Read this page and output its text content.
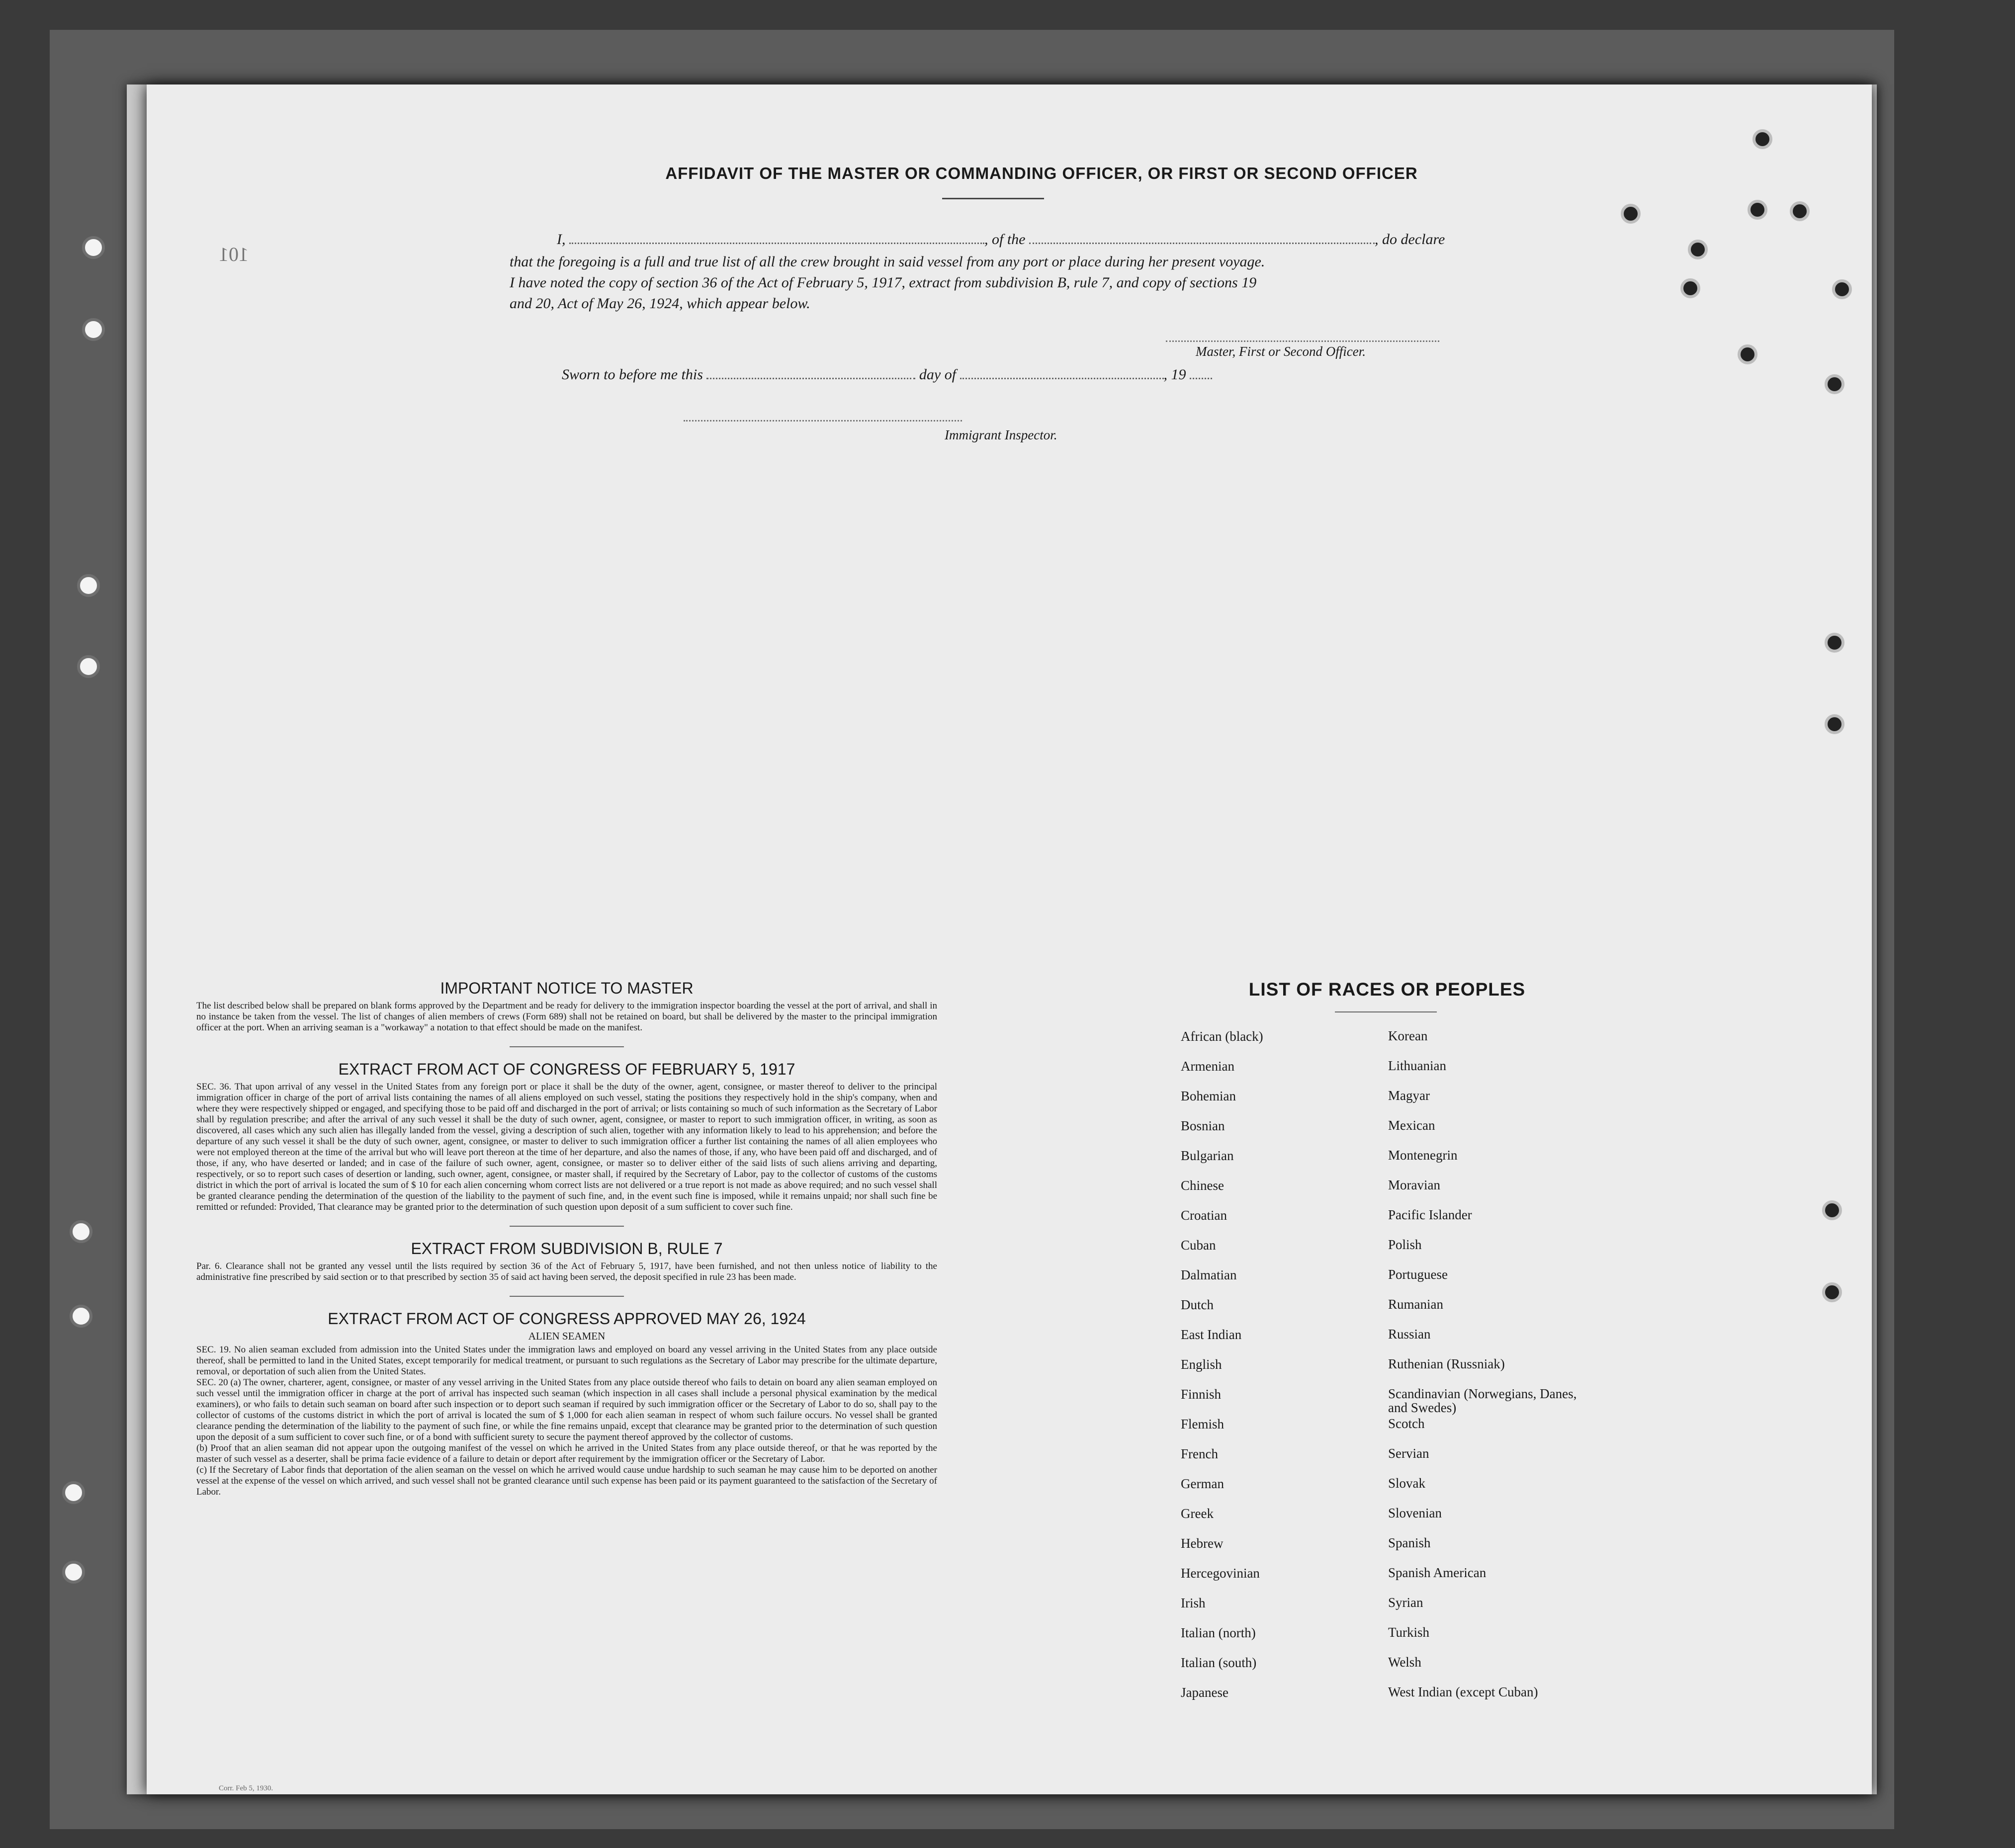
101
AFFIDAVIT OF THE MASTER OR COMMANDING OFFICER, OR FIRST OR SECOND OFFICER
I,	, of the	, do declare
that the foregoing is a full and true list of all the crew brought in said vessel from any port or place during her present voyage.
I have noted the copy of section 36 of the Act of February 5, 1917, extract from subdivision B, rule 7, and copy of sections 19
and 20, Act of May 26, 1924, which appear below.
Master, First or Second Officer.
Sworn to before me this	day of	, 19
Immigrant Inspector.
IMPORTANT NOTICE TO MASTER
The list described below shall be prepared on blank forms approved by the Department and be ready for delivery to the immigration inspector boarding the vessel at the port of arrival, and shall in no instance be taken from the vessel. The list of changes of alien members of crews (Form 689) shall not be retained on board, but shall be delivered by the master to the principal immigration officer at the port. When an arriving seaman is a "workaway" a notation to that effect should be made on the manifest.
EXTRACT FROM ACT OF CONGRESS OF FEBRUARY 5, 1917
SEC. 36. That upon arrival of any vessel in the United States from any foreign port or place it shall be the duty of the owner, agent, consignee, or master thereof to deliver to the principal immigration officer in charge of the port of arrival lists containing the names of all aliens employed on such vessel, stating the positions they respectively hold in the ship's company, when and where they were respectively shipped or engaged, and specifying those to be paid off and discharged in the port of arrival; or lists containing so much of such information as the Secretary of Labor shall by regulation prescribe; and after the arrival of any such vessel it shall be the duty of such owner, agent, consignee, or master to report to such immigration officer, in writing, as soon as discovered, all cases which any such alien has illegally landed from the vessel, giving a description of such alien, together with any information likely to lead to his apprehension; and before the departure of any such vessel it shall be the duty of such owner, agent, consignee, or master to deliver to such immigration officer a further list containing the names of all alien employees who were not employed thereon at the time of the arrival but who will leave port thereon at the time of her departure, and also the names of those, if any, who have been paid off and discharged, and of those, if any, who have deserted or landed; and in case of the failure of such owner, agent, consignee, or master so to deliver either of the said lists of such aliens arriving and departing, respectively, or so to report such cases of desertion or landing, such owner, agent, consignee, or master shall, if required by the Secretary of Labor, pay to the collector of customs of the customs district in which the port of arrival is located the sum of $ 10 for each alien concerning whom correct lists are not delivered or a true report is not made as above required; and no such vessel shall be granted clearance pending the determination of the question of the liability to the payment of such fine, and, in the event such fine is imposed, while it remains unpaid; nor shall such fine be remitted or refunded: Provided, That clearance may be granted prior to the determination of such question upon deposit of a sum sufficient to cover such fine.
EXTRACT FROM SUBDIVISION B, RULE 7
Par. 6. Clearance shall not be granted any vessel until the lists required by section 36 of the Act of February 5, 1917, have been furnished, and not then unless notice of liability to the administrative fine prescribed by said section or to that prescribed by section 35 of said act having been served, the deposit specified in rule 23 has been made.
EXTRACT FROM ACT OF CONGRESS APPROVED MAY 26, 1924
ALIEN SEAMEN
SEC. 19. No alien seaman excluded from admission into the United States under the immigration laws and employed on board any vessel arriving in the United States from any place outside thereof, shall be permitted to land in the United States, except temporarily for medical treatment, or pursuant to such regulations as the Secretary of Labor may prescribe for the ultimate departure, removal, or deportation of such alien from the United States.
SEC. 20 (a) The owner, charterer, agent, consignee, or master of any vessel arriving in the United States from any place outside thereof who fails to detain on board any alien seaman employed on such vessel until the immigration officer in charge at the port of arrival has inspected such seaman (which inspection in all cases shall include a personal physical examination by the medical examiners), or who fails to detain such seaman on board after such inspection or to deport such seaman if required by such immigration officer or the Secretary of Labor to do so, shall pay to the collector of customs of the customs district in which the port of arrival is located the sum of $ 1,000 for each alien seaman in respect of whom such failure occurs. No vessel shall be granted clearance pending the determination of the liability to the payment of such fine, or while the fine remains unpaid, except that clearance may be granted prior to the determination of such question upon the deposit of a sum sufficient to cover such fine, or of a bond with sufficient surety to secure the payment thereof approved by the collector of customs.
(b) Proof that an alien seaman did not appear upon the outgoing manifest of the vessel on which he arrived in the United States from any place outside thereof, or that he was reported by the master of such vessel as a deserter, shall be prima facie evidence of a failure to detain or deport after requirement by the immigration officer or the Secretary of Labor.
(c) If the Secretary of Labor finds that deportation of the alien seaman on the vessel on which he arrived would cause undue hardship to such seaman he may cause him to be deported on another vessel at the expense of the vessel on which arrived, and such vessel shall not be granted clearance until such expense has been paid or its payment guaranteed to the satisfaction of the Secretary of Labor.
LIST OF RACES OR PEOPLES
African (black)	Korean
Armenian	Lithuanian
Bohemian	Magyar
Bosnian	Mexican
Bulgarian	Montenegrin
Chinese	Moravian
Croatian	Pacific Islander
Cuban	Polish
Dalmatian	Portuguese
Dutch	Rumanian
East Indian	Russian
English	Ruthenian (Russniak)
Finnish	Scandinavian (Norwegians, Danes, and Swedes)
Flemish	Scotch
French	Servian
German	Slovak
Greek	Slovenian
Hebrew	Spanish
Hercegovinian	Spanish American
Irish	Syrian
Italian (north)	Turkish
Italian (south)	Welsh
Japanese	West Indian (except Cuban)
Corr. Feb 5, 1930.
